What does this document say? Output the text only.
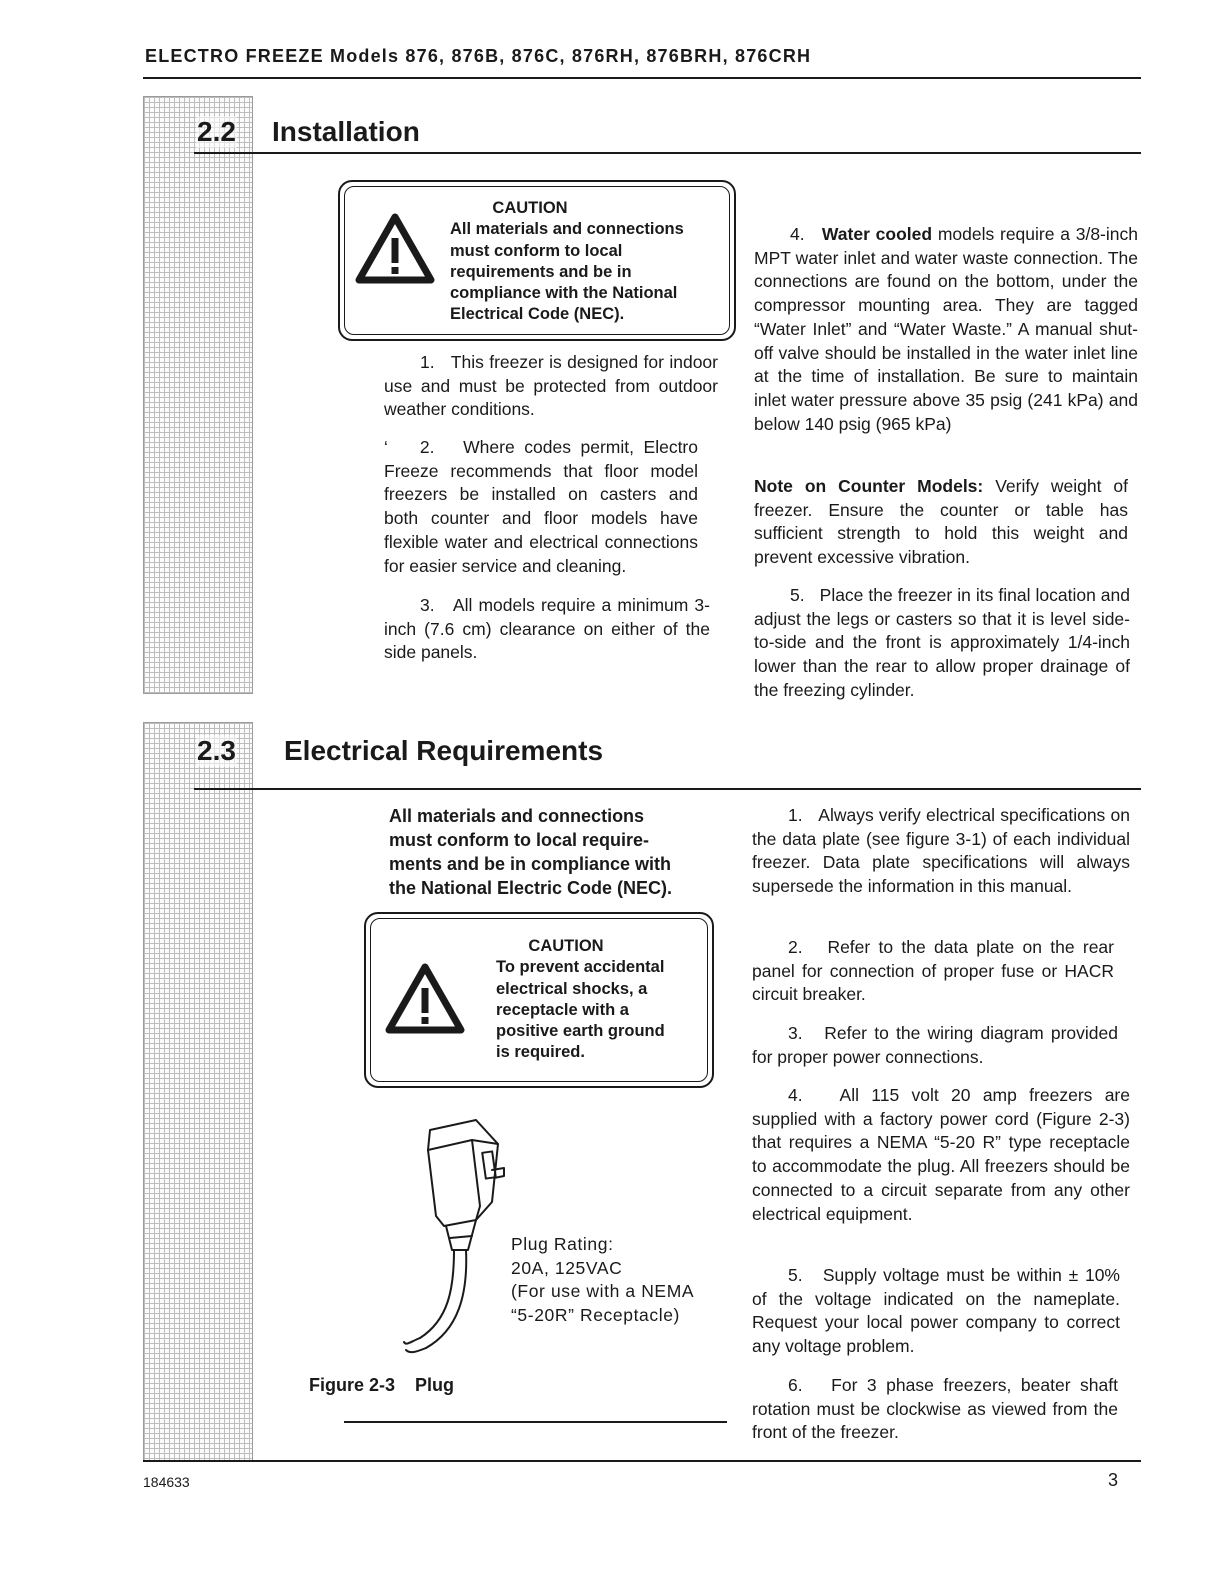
ELECTRO FREEZE Models 876, 876B, 876C, 876RH, 876BRH, 876CRH
2.2 Installation
CAUTION
All materials and connections
must conform to local
requirements and be in
compliance with the National
Electrical Code (NEC).
1. This freezer is designed for indoor use and must be protected from outdoor weather conditions.
‘ 2. Where codes permit, Electro Freeze recommends that floor model freezers be installed on casters and both counter and floor models have flexible water and electrical connections for easier service and cleaning.
3. All models require a minimum 3-inch (7.6 cm) clearance on either of the side panels.
4. Water cooled models require a 3/8-inch MPT water inlet and water waste connection. The connections are found on the bottom, under the compressor mounting area. They are tagged “Water Inlet” and “Water Waste.” A manual shut-off valve should be installed in the water inlet line at the time of installation. Be sure to maintain inlet water pressure above 35 psig (241 kPa) and below 140 psig (965 kPa)
Note on Counter Models: Verify weight of freezer. Ensure the counter or table has sufficient strength to hold this weight and prevent excessive vibration.
5. Place the freezer in its final location and adjust the legs or casters so that it is level side-to-side and the front is approximately 1/4-inch lower than the rear to allow proper drainage of the freezing cylinder.
2.3 Electrical Requirements
All materials and connections
must conform to local require-
ments and be in compliance with
the National Electric Code (NEC).
CAUTION
To prevent accidental
electrical shocks, a
receptacle with a
positive earth ground
is required.
Plug Rating:
20A, 125VAC
(For use with a NEMA
“5-20R” Receptacle)
Figure 2-3    Plug
1. Always verify electrical specifications on the data plate (see figure 3-1) of each individual freezer. Data plate specifications will always supersede the information in this manual.
2. Refer to the data plate on the rear panel for connection of proper fuse or HACR circuit breaker.
3. Refer to the wiring diagram provided for proper power connections.
4. All 115 volt 20 amp freezers are supplied with a factory power cord (Figure 2-3) that requires a NEMA “5-20 R” type receptacle to accommodate the plug. All freezers should be connected to a circuit separate from any other electrical equipment.
5. Supply voltage must be within ± 10% of the voltage indicated on the nameplate. Request your local power company to correct any voltage problem.
6. For 3 phase freezers, beater shaft rotation must be clockwise as viewed from the front of the freezer.
184633	3
